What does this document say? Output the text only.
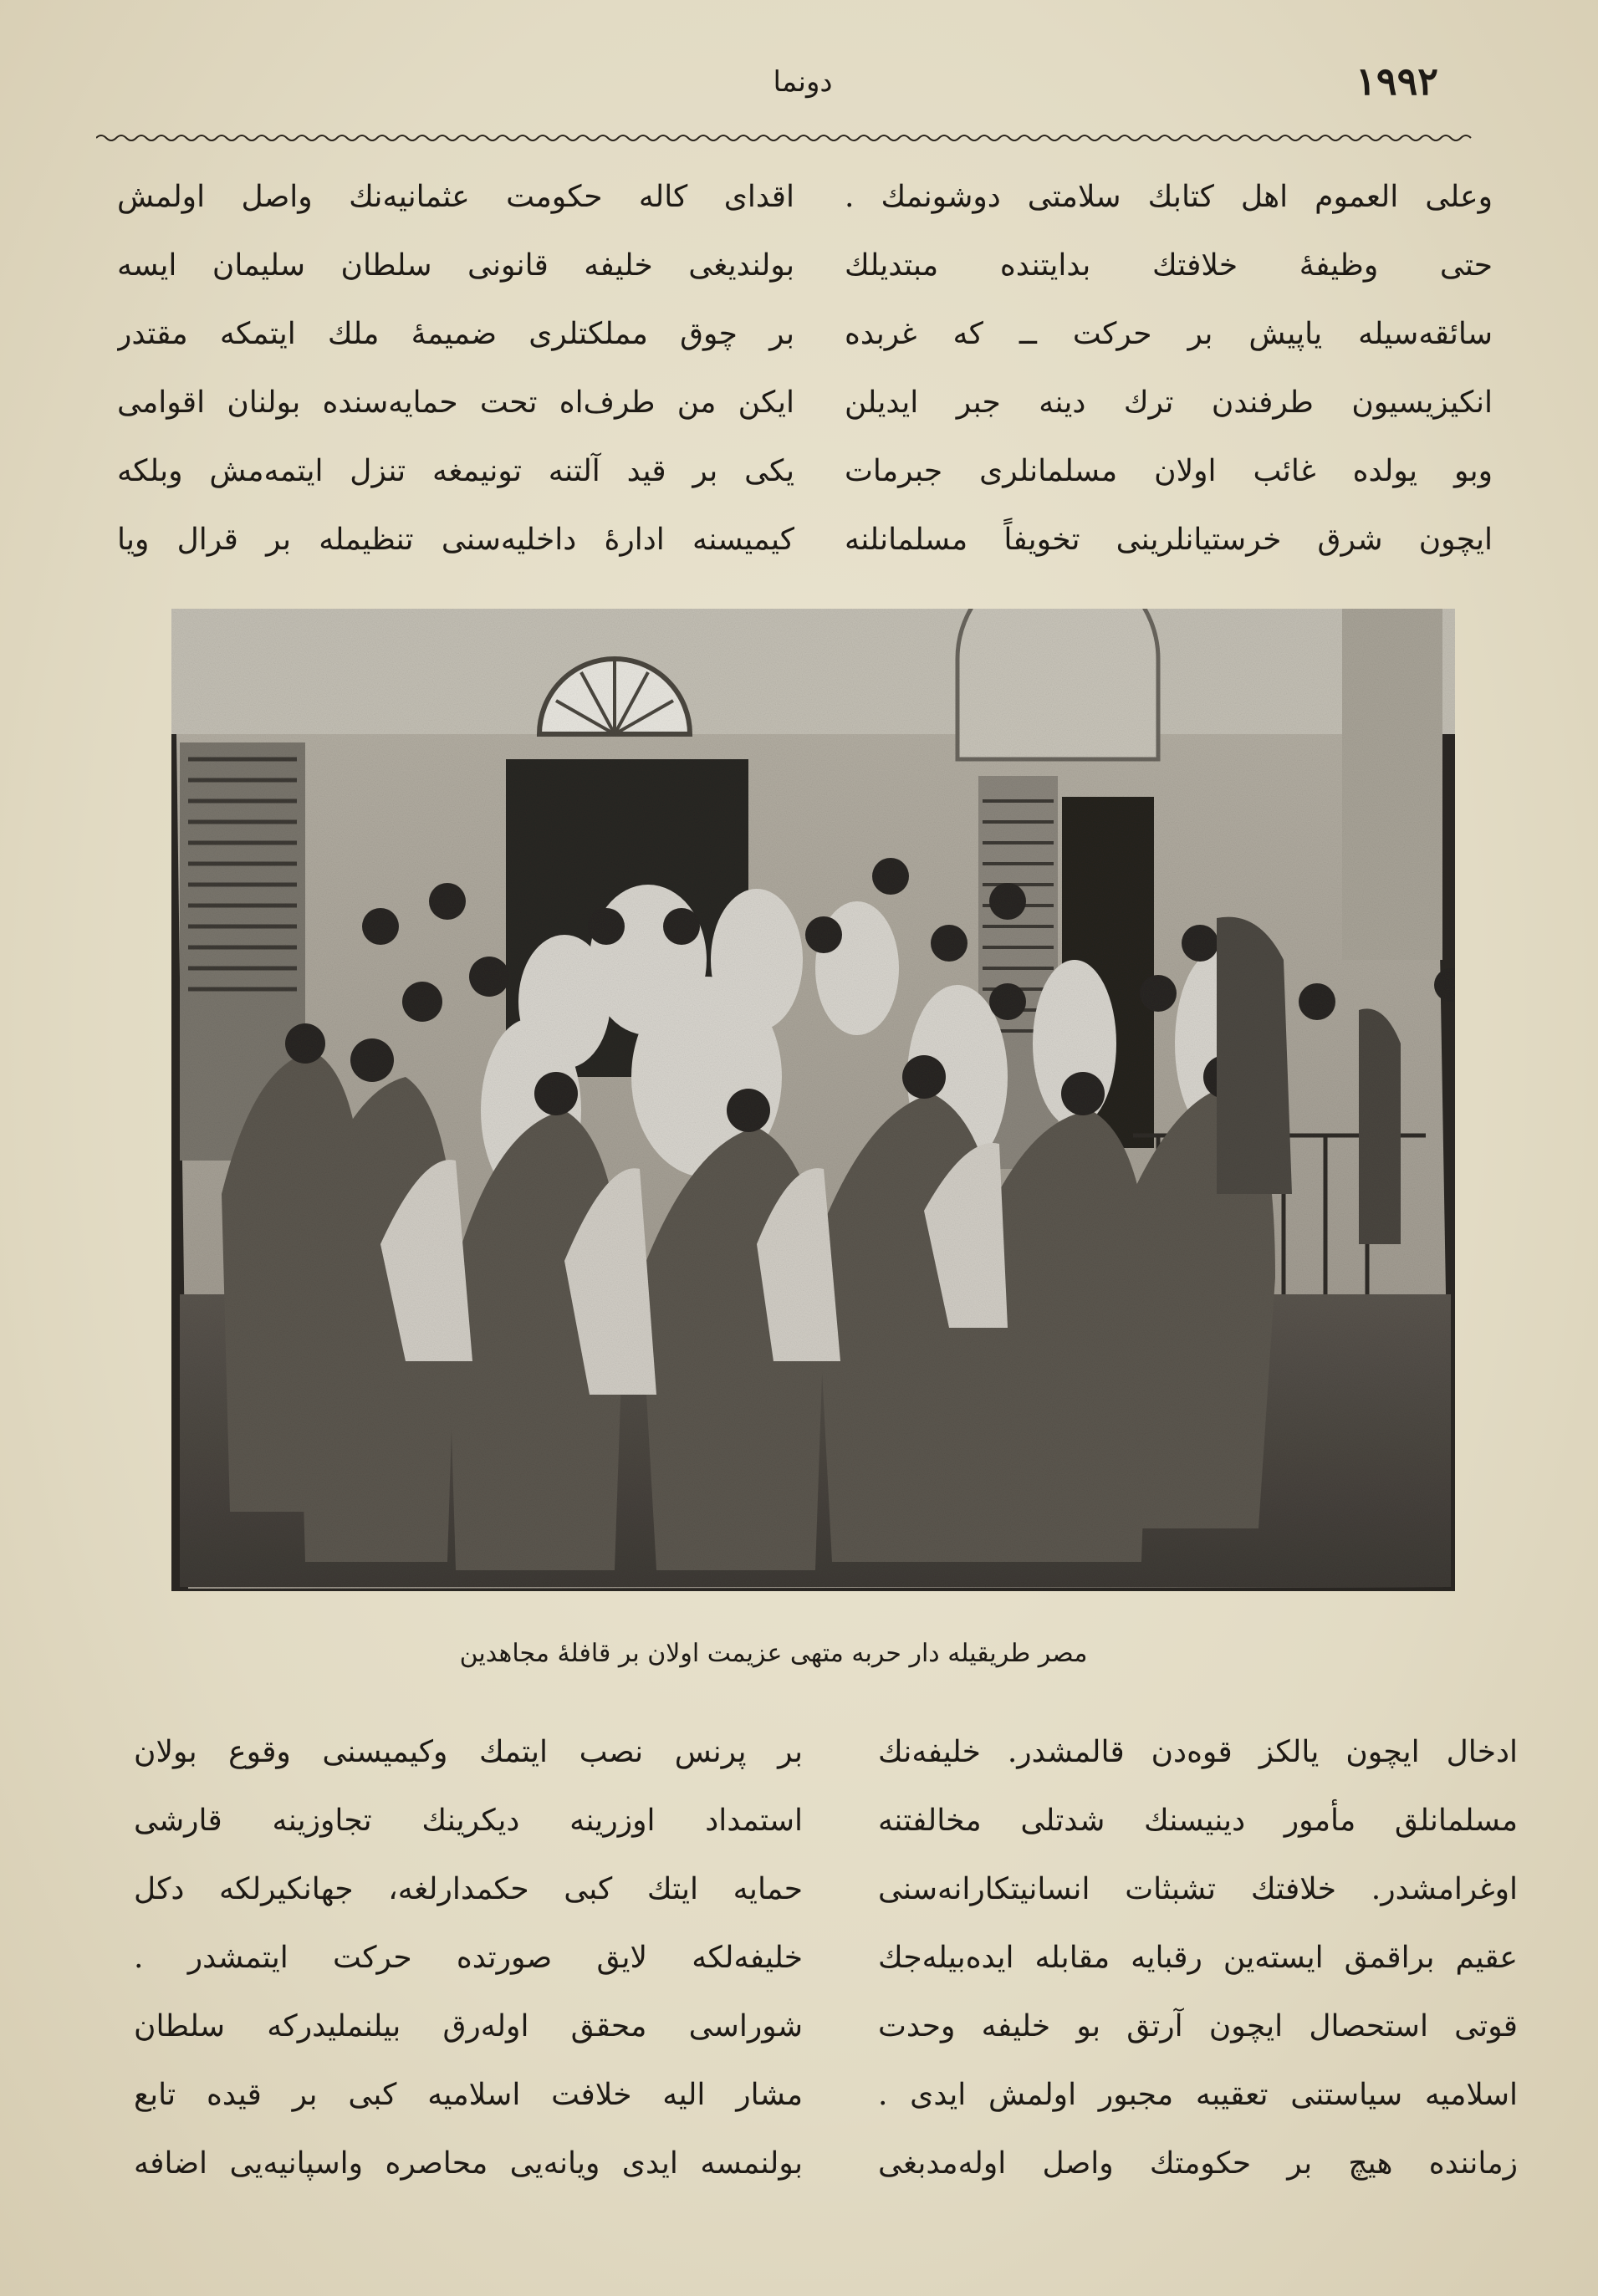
دونما	١٩٩٢
وعلى العموم اهل كتابك سلامتى دوشونمك .
حتى وظيفهٔ خلافتك بدايتنده مبتديلك
سائقه‌سيله ياپيش بر حركت ــ كه غربده
انكيزيسيون طرفندن ترك دينه جبر ايديلن
وبو يولده غائب اولان مسلمانلرى جبرمات
ايچون شرق خرستيانلرينى تخويفاً مسلمانلنه
اقدای كاله حكومت عثمانيه‌نك واصل اولمش
بولنديغى خليفه قانونى سلطان سليمان ايسه
بر چوق مملكتلرى ضميمهٔ ملك ايتمكه مقتدر
ايكن من طرف‌اه تحت حمايه‌سنده بولنان اقوامى
يكى بر قيد آلتنه تونيمغه تنزل ايتمه‌مش وبلكه
كيميسنه ادارهٔ داخليه‌سنى تنظيمله بر قرال ويا
مصر طريقيله دار حربه متهى عزيمت اولان بر قافلهٔ مجاهدين
ادخال ايچون يالكز قوه‌دن قالمشدر. خليفه‌نك
مسلمانلق مأمور دينيسنك شدتلى مخالفتنه
اوغرامشدر. خلافتك تشبثات انسانيتكارانه‌سنى
عقيم براقمق ايسته‌ين رقبايه مقابله ايده‌بيله‌جك
قوتى استحصال ايچون آرتق بو خليفه وحدت
اسلاميه سياستنى تعقيبه مجبور اولمش ايدى .
زماننده هيچ بر حكومتك واصل اوله‌مدبغى
بر پرنس نصب ايتمك وكيميسنى وقوع بولان
استمداد اوزرينه ديكرينك تجاوزينه قارشى
حمايه ايتك كبى حكمدارلغه، جهانكيرلكه دكل
خليفه‌لكه لايق صورتده حركت ايتمشدر .
شوراسى محقق اوله‌رق بيلنمليدركه سلطان
مشار اليه خلافت اسلاميه كبى بر قيده تابع
بولنمسه ايدى ويانه‌يى محاصره واسپانيه‌يى اضافه
